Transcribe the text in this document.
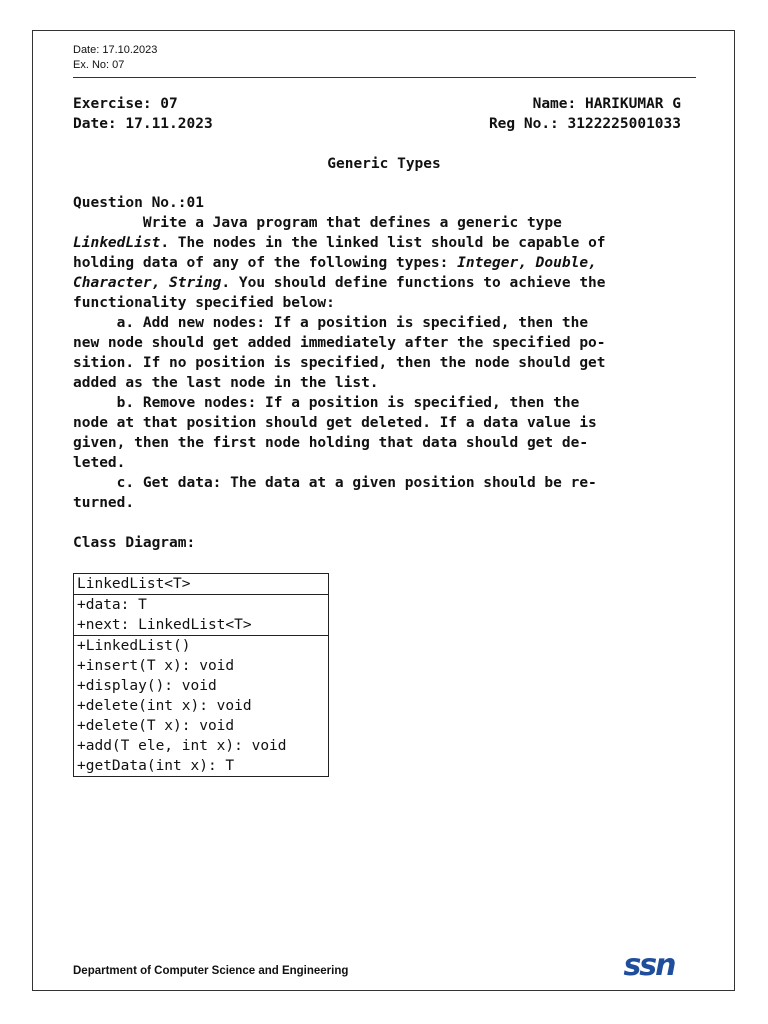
Date: 17.10.2023
Ex. No: 07
Exercise: 07	Name: HARIKUMAR G
Date: 17.11.2023	Reg No.: 3122225001033
Generic Types
Question No.:01
Write a Java program that defines a generic type
LinkedList. The nodes in the linked list should be capable of
holding data of any of the following types: Integer, Double,
Character, String. You should define functions to achieve the
functionality specified below:
a. Add new nodes: If a position is specified, then the
new node should get added immediately after the specified po-
sition. If no position is specified, then the node should get
added as the last node in the list.
b. Remove nodes: If a position is specified, then the
node at that position should get deleted. If a data value is
given, then the first node holding that data should get de-
leted.
c. Get data: The data at a given position should be re-
turned.
Class Diagram:
LinkedList<T>
+data: T
+next: LinkedList<T>
+LinkedList()
+insert(T x): void
+display(): void
+delete(int x): void
+delete(T x): void
+add(T ele, int x): void
+getData(int x): T
Department of Computer Science and Engineering	ssn
